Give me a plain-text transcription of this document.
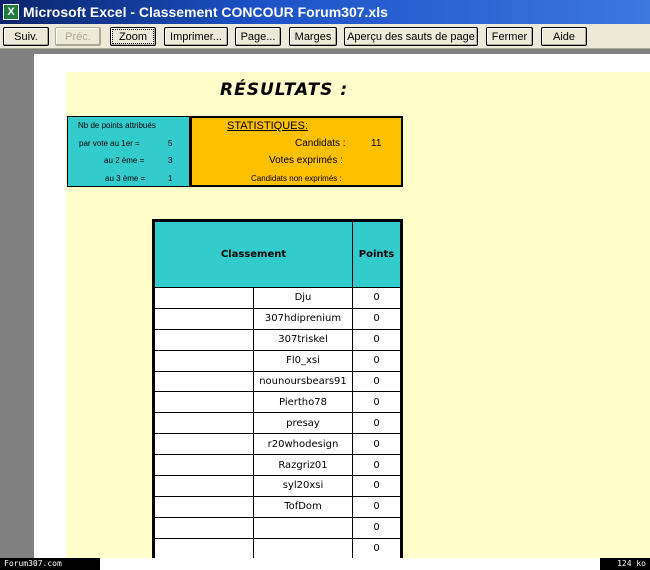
X Microsoft Excel - Classement CONCOUR Forum307.xls
Suiv.	Préc.	Zoom	Imprimer...	Page...	Marges	Aperçu des sauts de page	Fermer	Aide
RÉSULTATS :
Nb de points attribués
par vote au 1er =	5
au 2 ème =	3
au 3 ème =	1
STATISTIQUES:
Candidats :	11
Votes exprimés :
Candidats non exprimés :
Classement		Points
	Dju	0
	307hdiprenium	0
	307triskel	0
	Fl0_xsi	0
	nounoursbears91	0
	Piertho78	0
	presay	0
	r20whodesign	0
	Razgriz01	0
	syl20xsi	0
	TofDom	0
		0
		0
Forum307.com	124 ko
